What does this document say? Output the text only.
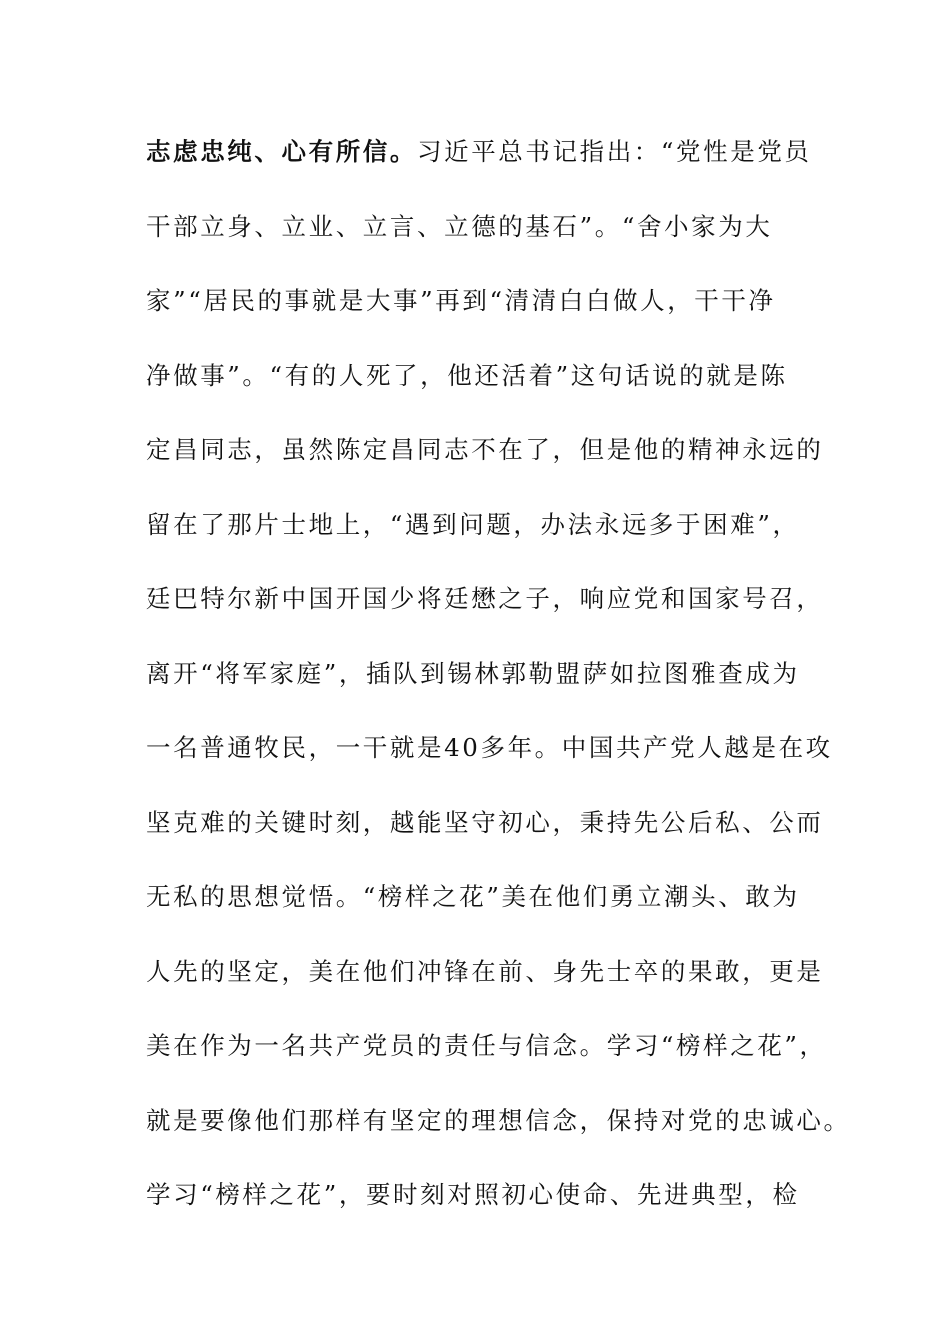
志虑忠纯、心有所信。习近平总书记指出：“党性是党员
干部立身、立业、立言、立德的基石”。“舍小家为大
家”“居民的事就是大事”再到“清清白白做人，干干净
净做事”。“有的人死了，他还活着”这句话说的就是陈
定昌同志，虽然陈定昌同志不在了，但是他的精神永远的
留在了那片士地上，“遇到问题，办法永远多于困难”，
廷巴特尔新中国开国少将廷懋之子，响应党和国家号召，
离开“将军家庭”，插队到锡林郭勒盟萨如拉图雅查成为
一名普通牧民，一干就是40多年。中国共产党人越是在攻
坚克难的关键时刻，越能坚守初心，秉持先公后私、公而
无私的思想觉悟。“榜样之花”美在他们勇立潮头、敢为
人先的坚定，美在他们冲锋在前、身先士卒的果敢，更是
美在作为一名共产党员的责任与信念。学习“榜样之花”，
就是要像他们那样有坚定的理想信念，保持对党的忠诚心。
学习“榜样之花”，要时刻对照初心使命、先进典型，检
